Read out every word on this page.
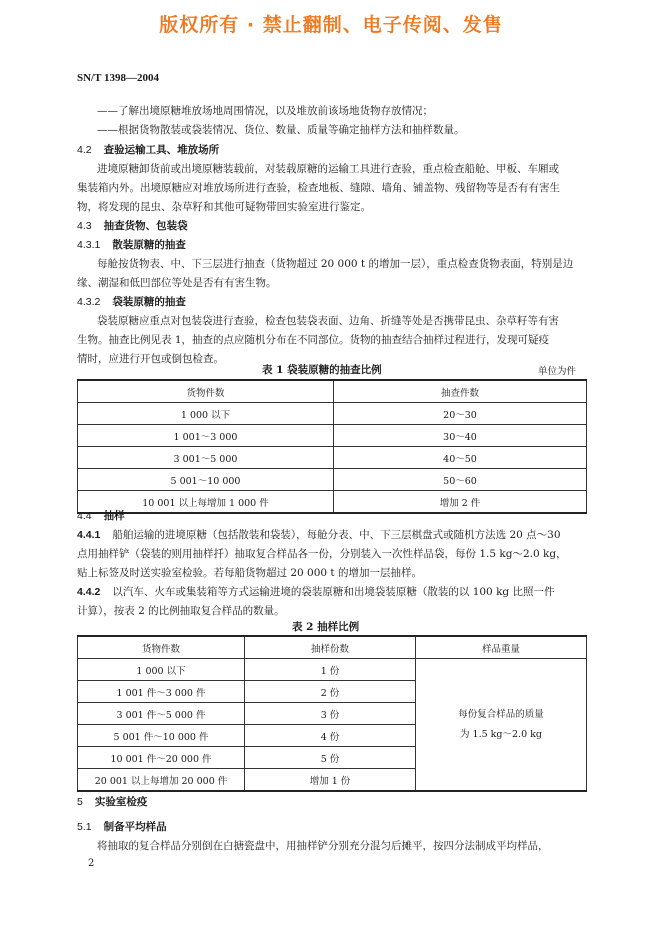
版权所有 · 禁止翻制、电子传阅、发售
SN/T 1398—2004
——了解出境原糖堆放场地周围情况，以及堆放前该场地货物存放情况；
——根据货物散装或袋装情况、货位、数量、质量等确定抽样方法和抽样数量。
4.2 查验运输工具、堆放场所
进境原糖卸货前或出境原糖装载前，对装载原糖的运输工具进行查验，重点检查船舱、甲板、车厢或
集装箱内外。出境原糖应对堆放场所进行查验，检查地板、缝隙、墙角、铺盖物、残留物等是否有有害生
物，将发现的昆虫、杂草籽和其他可疑物带回实验室进行鉴定。
4.3 抽查货物、包装袋
4.3.1 散装原糖的抽查
每舱按货物表、中、下三层进行抽查（货物超过 20 000 t 的增加一层），重点检查货物表面，特别是边
缘、潮湿和低凹部位等处是否有有害生物。
4.3.2 袋装原糖的抽查
袋装原糖应重点对包装袋进行查验，检查包装袋表面、边角、折缝等处是否携带昆虫、杂草籽等有害
生物。抽查比例见表 1，抽查的点应随机分布在不同部位。货物的抽查结合抽样过程进行，发现可疑疫
情时，应进行开包或倒包检查。
表 1 袋装原糖的抽查比例	单位为件
货物件数	抽查件数
1 000 以下	20～30
1 001～3 000	30～40
3 001～5 000	40～50
5 001～10 000	50～60
10 001 以上每增加 1 000 件	增加 2 件
4.4 抽样
4.4.1 船舶运输的进境原糖（包括散装和袋装），每舱分表、中、下三层棋盘式或随机方法选 20 点～30
点用抽样铲（袋装的则用抽样扦）抽取复合样品各一份，分别装入一次性样品袋，每份 1.5 kg～2.0 kg，
贴上标签及时送实验室检验。若每船货物超过 20 000 t 的增加一层抽样。
4.4.2 以汽车、火车或集装箱等方式运输进境的袋装原糖和出境袋装原糖（散装的以 100 kg 比照一件
计算），按表 2 的比例抽取复合样品的数量。
表 2 抽样比例
货物件数	抽样份数	样品重量
1 000 以下	1 份	每份复合样品的质量
为 1.5 kg～2.0 kg

1 001 件～3 000 件	2 份	
3 001 件～5 000 件	3 份	
5 001 件～10 000 件	4 份	
10 001 件～20 000 件	5 份	
20 001 以上每增加 20 000 件	增加 1 份	
5 实验室检疫
5.1 制备平均样品
将抽取的复合样品分别倒在白搪瓷盘中，用抽样铲分别充分混匀后摊平，按四分法制成平均样品，
2
